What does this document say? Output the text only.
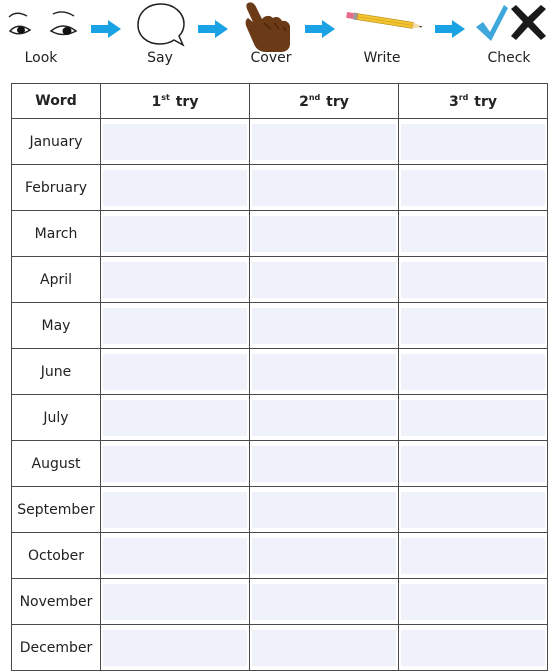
Look	Say	Cover	Write	Check
Word	1st try	2nd try	3rd try
January	

February	

March	

April	

May	

June	

July	

August	

September	

October	

November	

December	
